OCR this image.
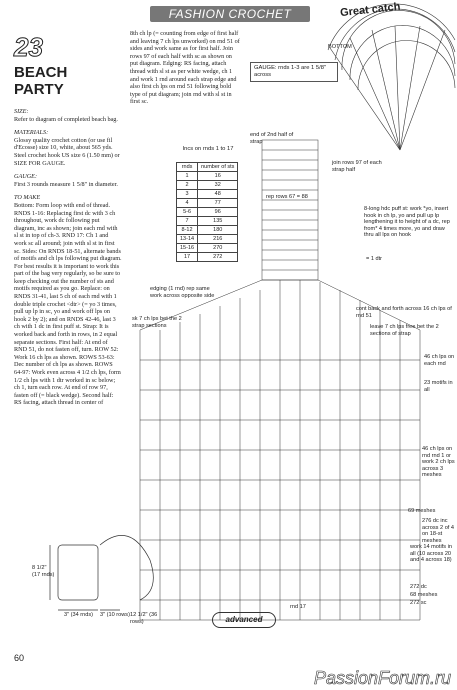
FASHION CROCHET	Great catch
23
BEACH
PARTY
SIZE:
Refer to diagram of completed beach bag.
MATERIALS:
Glossy quality crochet cotton (or use fil d'Ecosse) size 10, white, about 565 yds. Steel crochet hook US size 6 (1.50 mm) or SIZE FOR GAUGE.
GAUGE:
First 3 rounds measure 1 5/8" in diameter.
TO MAKE
Bottom: Form loop with end of thread. RNDS 1-16: Replacing first dc with 3 ch throughout, work dc following put diagram, inc as shown; join each rnd with sl st in top of ch-3. RND 17: Ch 1 and work sc all around; join with sl st in first sc. Sides: On RNDS 18-51, alternate bands of motifs and ch lps following put diagram. For best results it is important to work this part of the bag very regularly, so be sure to keep checking out the number of sts and motifs required as you go. Replace: on RNDS 31-41, last 5 ch of each rnd with 1 double triple crochet <dtr> (= yo 3 times, pull up lp in sc, yo and work off lps on hook 2 by 2); and on RNDS 42-46, last 3 ch with 1 dc in first puff st. Strap: It is worked back and forth in rows, in 2 equal separate sections. First half: At end of RND 51, do not fasten off, turn. ROW 52: Work 16 ch lps as shown. ROWS 53-63: Dec number of ch lps as shown. ROWS 64-97: Work even across 4 1/2 ch lps, form 1/2 ch lps with 1 dtr worked in sc below; ch 1, turn each row. At end of row 97, fasten off (= black wedge). Second half: RS facing, attach thread in center of
8th ch lp (= counting from edge of first half and leaving 7 ch lps unworked) on rnd 51 of sides and work same as for first half. Join rows 97 of each half with sc as shown on put diagram. Edging: RS facing, attach thread with sl st as per white wedge, ch 1 and work 1 rnd around each strap edge and also first ch lps on rnd 51 following bold type of put diagram; join rnd with sl st in first sc.
GAUGE: rnds 1-3 are 1 5/8" across
Incs on rnds 1 to 17
rnds	number of sts
1	16
2	32
3	48
4	77
5-6	96
7	135
8-12	180
13-14	216
15-16	270
17	272
end of 2nd half of strap
join rows 97 of each strap half
rep rows 67 = 88
BOTTOM
8-long hdc puff st: work *yo, insert hook in ch lp, yo and pull up lp lengthening it to height of a dc, rep from* 4 times more, yo and draw thru all lps on hook
= 1 dtr
edging (1 rnd) rep same work across opposite side
sk 7 ch lps bet the 2 strap sections
cont back and forth across 16 ch lps of rnd 51
leave 7 ch lps free bet the 2 sections of strap
46 ch lps on each rnd
23 motifs in all
46 ch lps on rnd rnd 1 or work 2 ch lps across 3 meshes
69 meshes
276 dc inc across 2 of 4 on 18-st meshes
work 14 motifs in all (10 across 20 and 4 across 18)
272 dc
68 meshes
272 sc
rnd 17
8 1/2" (17 rnds)
3" (34 rnds) 3" (10 rows) 12 1/2" (36 rows)	advanced
60
PassionForum.ru
